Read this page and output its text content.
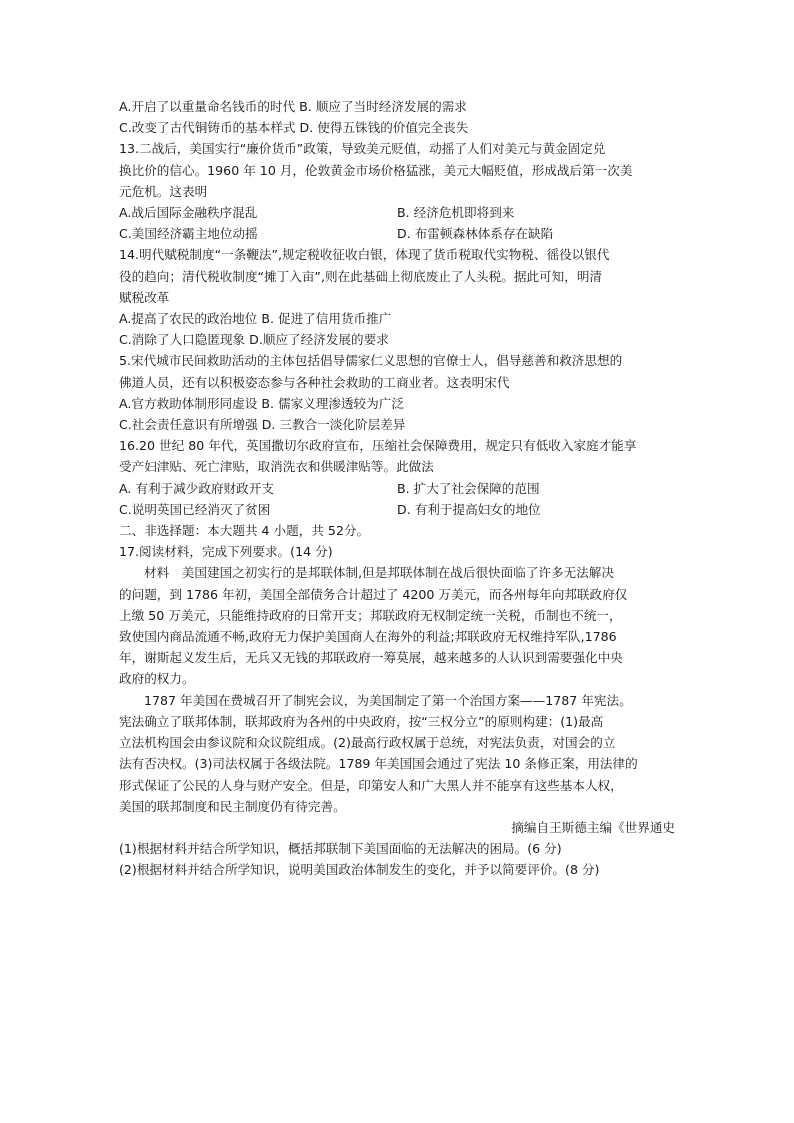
A.开启了以重量命名钱币的时代 B. 顺应了当时经济发展的需求
C.改变了古代铜铸币的基本样式 D. 使得五铢钱的价值完全丧失
13.二战后，美国实行“廉价货币”政策，导致美元贬值，动摇了人们对美元与黄金固定兑
换比价的信心。1960 年 10 月，伦敦黄金市场价格猛涨，美元大幅贬值，形成战后第一次美
元危机。这表明
A.战后国际金融秩序混乱	B. 经济危机即将到来
C.美国经济霸主地位动摇	D. 布雷顿森林体系存在缺陷
14.明代赋税制度“一条鞭法”,规定税收征收白银，体现了货币税取代实物税、徭役以银代
役的趋向；清代税收制度“摊丁入亩”,则在此基础上彻底废止了人头税。据此可知，明清
赋税改革
A.提高了农民的政治地位 B. 促进了信用货币推广
C.消除了人口隐匿现象 D.顺应了经济发展的要求
5.宋代城市民间救助活动的主体包括倡导儒家仁义思想的官僚士人，倡导慈善和救济思想的
佛道人员，还有以积极姿态参与各种社会救助的工商业者。这表明宋代
A.官方救助体制形同虚设 B. 儒家义理渗透较为广泛
C.社会责任意识有所增强 D. 三教合一淡化阶层差异
16.20 世纪 80 年代，英国撒切尔政府宣布，压缩社会保障费用，规定只有低收入家庭才能享
受产妇津贴、死亡津贴，取消洗衣和供暖津贴等。此做法
A. 有利于减少政府财政开支	B. 扩大了社会保障的范围
C.说明英国已经消灭了贫困	D. 有利于提高妇女的地位
二、非选择题：本大题共 4 小题，共 52分。
17.阅读材料，完成下列要求。(14 分)
材料　美国建国之初实行的是邦联体制,但是邦联体制在战后很快面临了许多无法解决
的问题，到 1786 年初，美国全部债务合计超过了 4200 万美元，而各州每年向邦联政府仅
上缴 50 万美元，只能维持政府的日常开支；邦联政府无权制定统一关税，币制也不统一，
致使国内商品流通不畅,政府无力保护美国商人在海外的利益;邦联政府无权维持军队,1786
年，谢斯起义发生后，无兵又无钱的邦联政府一筹莫展，越来越多的人认识到需要强化中央
政府的权力。
1787 年美国在费城召开了制宪会议，为美国制定了第一个治国方案——1787 年宪法。
宪法确立了联邦体制，联邦政府为各州的中央政府，按“三权分立”的原则构建：(1)最高
立法机构国会由参议院和众议院组成。(2)最高行政权属于总统，对宪法负责，对国会的立
法有否决权。(3)司法权属于各级法院。1789 年美国国会通过了宪法 10 条修正案，用法律的
形式保证了公民的人身与财产安全。但是，印第安人和广大黑人并不能享有这些基本人权，
美国的联邦制度和民主制度仍有待完善。
摘编自王斯德主编《世界通史
(1)根据材料并结合所学知识，概括邦联制下美国面临的无法解决的困局。(6 分)
(2)根据材料并结合所学知识，说明美国政治体制发生的变化，并予以简要评价。(8 分)
